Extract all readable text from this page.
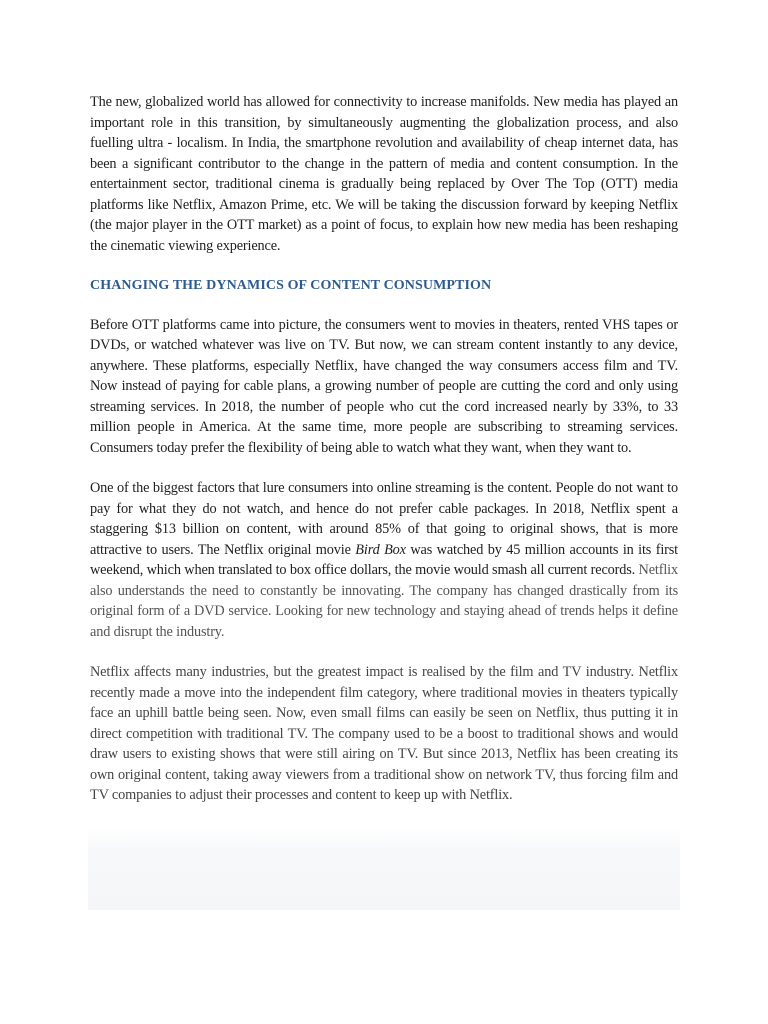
The new, globalized world has allowed for connectivity to increase manifolds. New media has played an important role in this transition, by simultaneously augmenting the globalization process, and also fuelling ultra - localism. In India, the smartphone revolution and availability of cheap internet data, has been a significant contributor to the change in the pattern of media and content consumption. In the entertainment sector, traditional cinema is gradually being replaced by Over The Top (OTT) media platforms like Netflix, Amazon Prime, etc. We will be taking the discussion forward by keeping Netflix (the major player in the OTT market) as a point of focus, to explain how new media has been reshaping the cinematic viewing experience.

CHANGING THE DYNAMICS OF CONTENT CONSUMPTION

Before OTT platforms came into picture, the consumers went to movies in theaters, rented VHS tapes or DVDs, or watched whatever was live on TV. But now, we can stream content instantly to any device, anywhere. These platforms, especially Netflix, have changed the way consumers access film and TV. Now instead of paying for cable plans, a growing number of people are cutting the cord and only using streaming services. In 2018, the number of people who cut the cord increased nearly by 33%, to 33 million people in America. At the same time, more people are subscribing to streaming services. Consumers today prefer the flexibility of being able to watch what they want, when they want to.

One of the biggest factors that lure consumers into online streaming is the content. People do not want to pay for what they do not watch, and hence do not prefer cable packages. In 2018, Netflix spent a staggering $13 billion on content, with around 85% of that going to original shows, that is more attractive to users. The Netflix original movie Bird Box was watched by 45 million accounts in its first weekend, which when translated to box office dollars, the movie would smash all current records. Netflix also understands the need to constantly be innovating. The company has changed drastically from its original form of a DVD service. Looking for new technology and staying ahead of trends helps it define and disrupt the industry.

Netflix affects many industries, but the greatest impact is realised by the film and TV industry. Netflix recently made a move into the independent film category, where traditional movies in theaters typically face an uphill battle being seen. Now, even small films can easily be seen on Netflix, thus putting it in direct competition with traditional TV. The company used to be a boost to traditional shows and would draw users to existing shows that were still airing on TV. But since 2013, Netflix has been creating its own original content, taking away viewers from a traditional show on network TV, thus forcing film and TV companies to adjust their processes and content to keep up with Netflix.
